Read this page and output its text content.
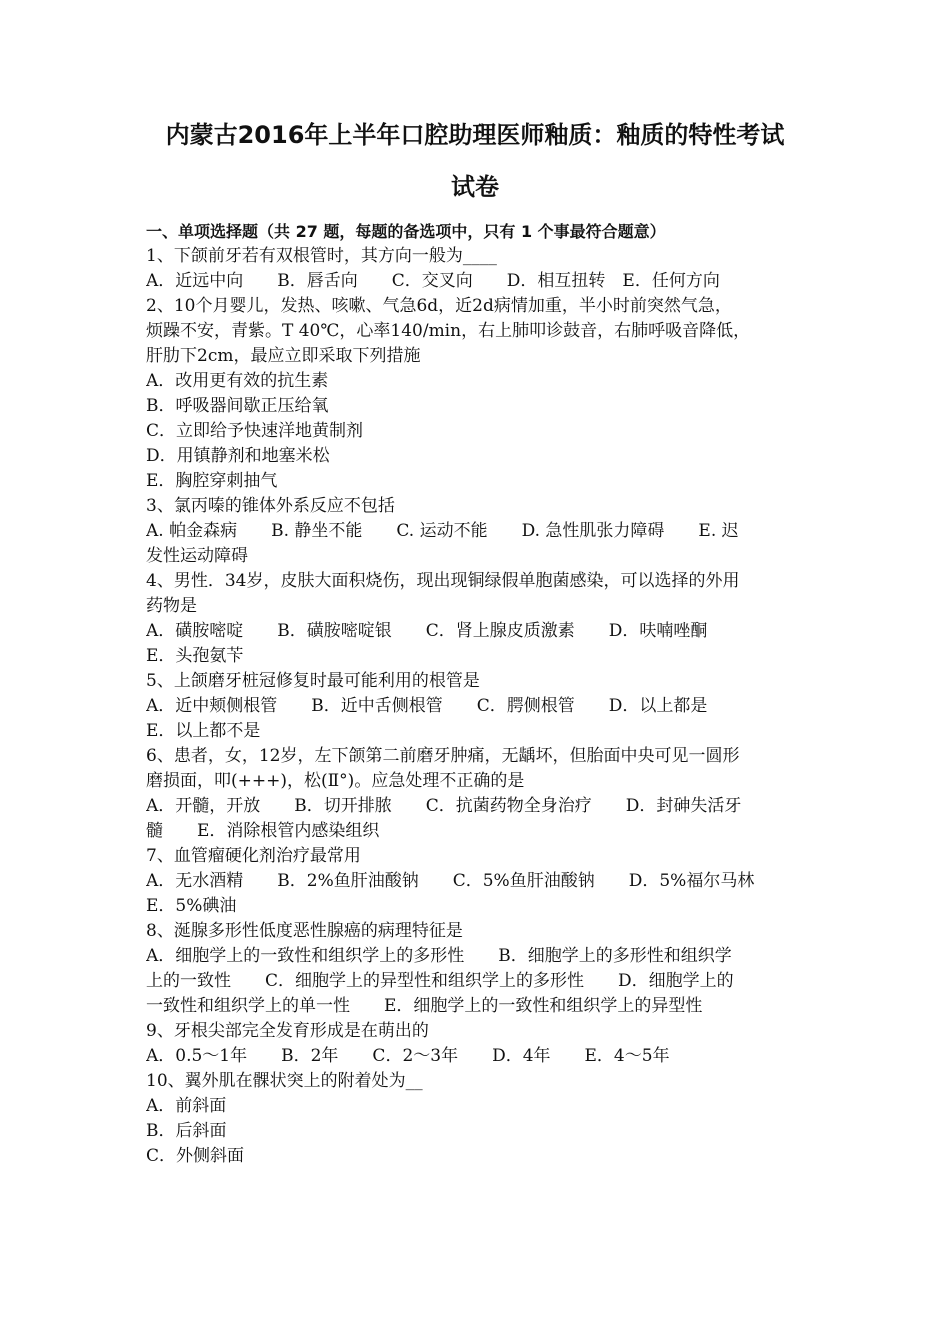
内蒙古2016年上半年口腔助理医师釉质：釉质的特性考试
试卷
一、单项选择题（共 27 题，每题的备选项中，只有 1 个事最符合题意）
1、下颌前牙若有双根管时，其方向一般为____
A．近远中向　　B．唇舌向　　C．交叉向　　D．相互扭转　E．任何方向
2、10个月婴儿，发热、咳嗽、气急6d，近2d病情加重，半小时前突然气急，
烦躁不安，青紫。T 40℃，心率140/min，右上肺叩诊鼓音，右肺呼吸音降低，
肝肋下2cm，最应立即采取下列措施
A．改用更有效的抗生素
B．呼吸器间歇正压给氧
C．立即给予快速洋地黄制剂
D．用镇静剂和地塞米松
E．胸腔穿刺抽气
3、氯丙嗪的锥体外系反应不包括
A. 帕金森病　　B. 静坐不能　　C. 运动不能　　D. 急性肌张力障碍　　E. 迟
发性运动障碍
4、男性．34岁，皮肤大面积烧伤，现出现铜绿假单胞菌感染，可以选择的外用
药物是
A．磺胺嘧啶　　B．磺胺嘧啶银　　C．肾上腺皮质激素　　D．呋喃唑酮
E．头孢氨苄
5、上颌磨牙桩冠修复时最可能利用的根管是
A．近中颊侧根管　　B．近中舌侧根管　　C．腭侧根管　　D．以上都是
E．以上都不是
6、患者，女，12岁，左下颌第二前磨牙肿痛，无龋坏，但胎面中央可见一圆形
磨损面，叩(+++)，松(Ⅱ°)。应急处理不正确的是
A．开髓，开放　　B．切开排脓　　C．抗菌药物全身治疗　　D．封砷失活牙
髓　　E．消除根管内感染组织
7、血管瘤硬化剂治疗最常用
A．无水酒精　　B．2%鱼肝油酸钠　　C．5%鱼肝油酸钠　　D．5%福尔马林
E．5%碘油
8、涎腺多形性低度恶性腺癌的病理特征是
A．细胞学上的一致性和组织学上的多形性　　B．细胞学上的多形性和组织学
上的一致性　　C．细胞学上的异型性和组织学上的多形性　　D．细胞学上的
一致性和组织学上的单一性　　E．细胞学上的一致性和组织学上的异型性
9、牙根尖部完全发育形成是在萌出的
A．0.5～1年　　B．2年　　C．2～3年　　D．4年　　E．4～5年
10、翼外肌在髁状突上的附着处为__
A．前斜面
B．后斜面
C．外侧斜面
